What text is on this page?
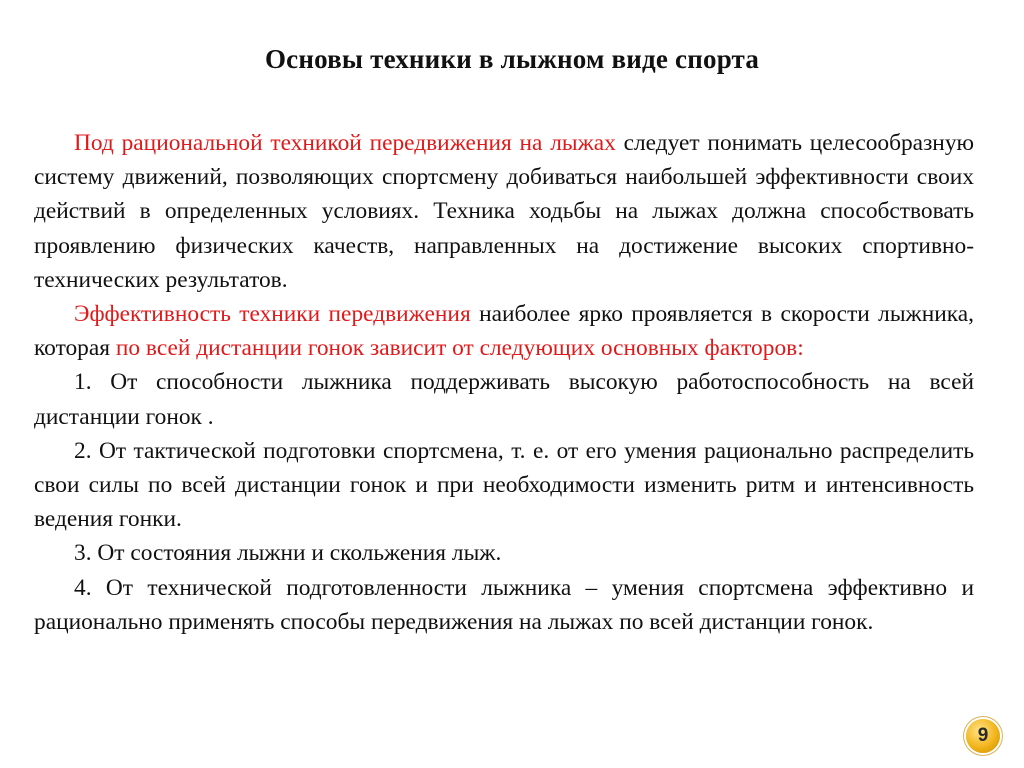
Основы техники в лыжном виде спорта

Под рациональной техникой передвижения на лыжах следует понимать целесообразную систему движений, позволяющих спортсмену добиваться наибольшей эффективности своих действий в определенных условиях. Техника ходьбы на лыжах должна способствовать проявлению физических качеств, направленных на достижение высоких спортивно-технических результатов.

Эффективность техники передвижения наиболее ярко проявляется в скорости лыжника, которая по всей дистанции гонок зависит от следующих основных факторов:

1. От способности лыжника поддерживать высокую работоспособность на всей дистанции гонок .

2. От тактической подготовки спортсмена, т. е. от его умения рационально распределить свои силы по всей дистанции гонок и при необходимости изменить ритм и интенсивность ведения гонки.

3. От состояния лыжни и скольжения лыж.

4. От технической подготовленности лыжника – умения спортсмена эффективно и рационально применять способы передвижения на лыжах по всей дистанции гонок.

9
